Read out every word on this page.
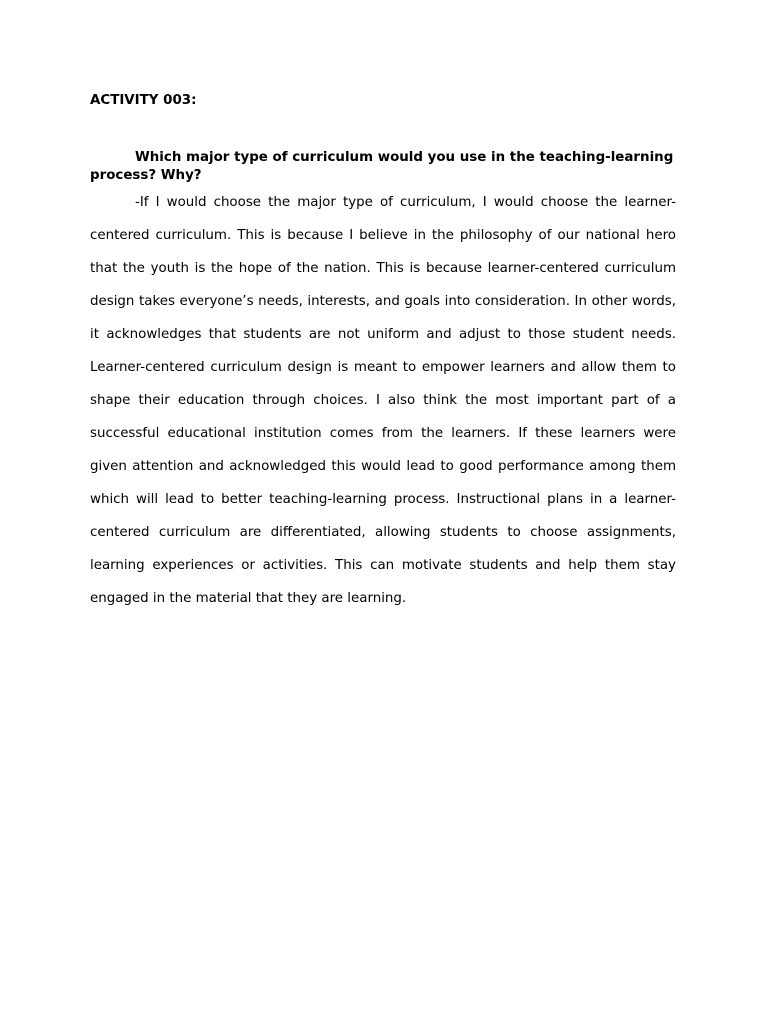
ACTIVITY 003:

Which major type of curriculum would you use in the teaching-learning process? Why?

-If I would choose the major type of curriculum, I would choose the learner-centered curriculum. This is because I believe in the philosophy of our national hero that the youth is the hope of the nation. This is because learner-centered curriculum design takes everyone’s needs, interests, and goals into consideration. In other words, it acknowledges that students are not uniform and adjust to those student needs. Learner-centered curriculum design is meant to empower learners and allow them to shape their education through choices. I also think the most important part of a successful educational institution comes from the learners. If these learners were given attention and acknowledged this would lead to good performance among them which will lead to better teaching-learning process. Instructional plans in a learner-centered curriculum are differentiated, allowing students to choose assignments, learning experiences or activities. This can motivate students and help them stay engaged in the material that they are learning.
